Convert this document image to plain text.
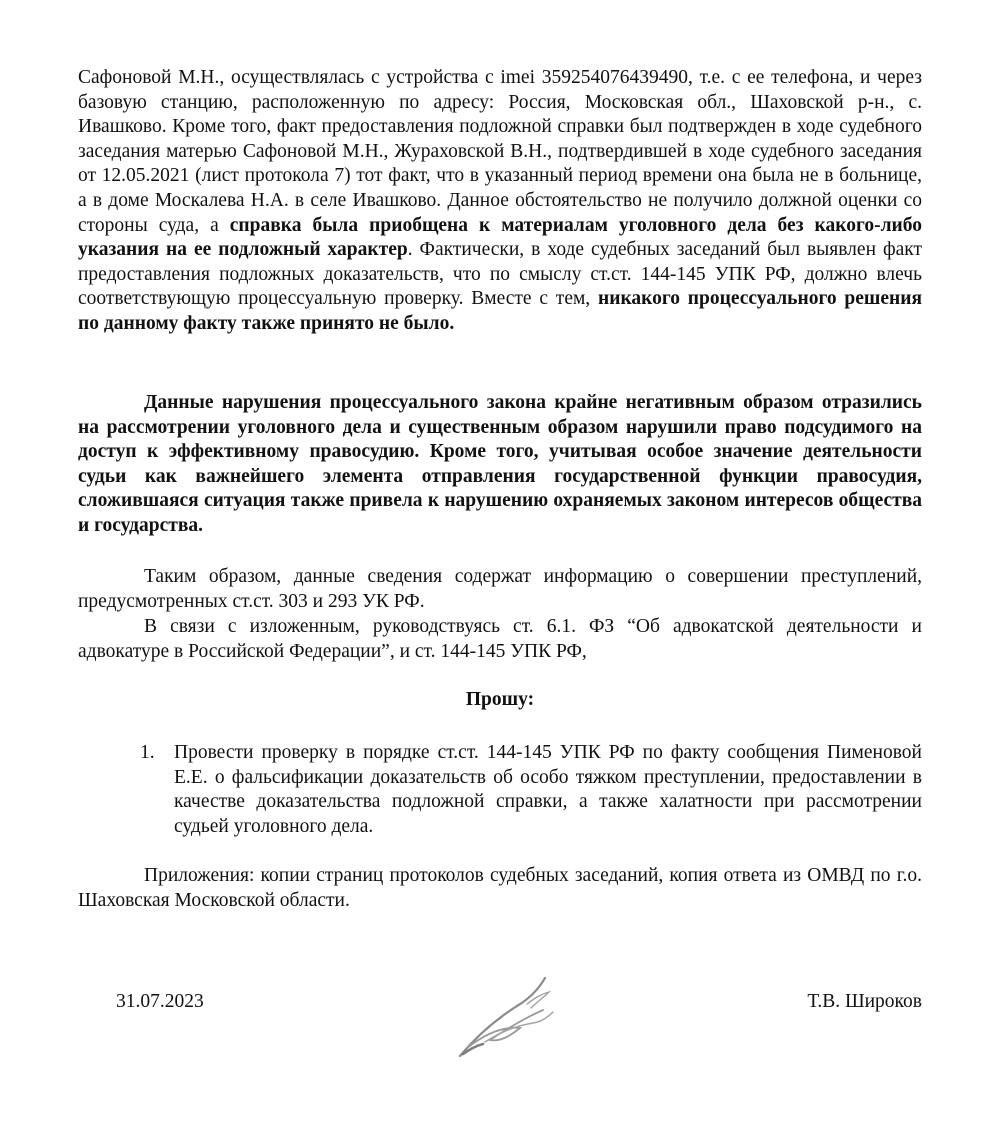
Сафоновой М.Н., осуществлялась с устройства с imei 359254076439490, т.е. с ее телефона, и через базовую станцию, расположенную по адресу: Россия, Московская обл., Шаховской р-н., с. Ивашково. Кроме того, факт предоставления подложной справки был подтвержден в ходе судебного заседания матерью Сафоновой М.Н., Жураховской В.Н., подтвердившей в ходе судебного заседания от 12.05.2021 (лист протокола 7) тот факт, что в указанный период времени она была не в больнице, а в доме Москалева Н.А. в селе Ивашково. Данное обстоятельство не получило должной оценки со стороны суда, а справка была приобщена к материалам уголовного дела без какого-либо указания на ее подложный характер. Фактически, в ходе судебных заседаний был выявлен факт предоставления подложных доказательств, что по смыслу ст.ст. 144-145 УПК РФ, должно влечь соответствующую процессуальную проверку. Вместе с тем, никакого процессуального решения по данному факту также принято не было.

Данные нарушения процессуального закона крайне негативным образом отразились на рассмотрении уголовного дела и существенным образом нарушили право подсудимого на доступ к эффективному правосудию. Кроме того, учитывая особое значение деятельности судьи как важнейшего элемента отправления государственной функции правосудия, сложившаяся ситуация также привела к нарушению охраняемых законом интересов общества и государства.

Таким образом, данные сведения содержат информацию о совершении преступлений, предусмотренных ст.ст. 303 и 293 УК РФ.

В связи с изложенным, руководствуясь ст. 6.1. ФЗ “Об адвокатской деятельности и адвокатуре в Российской Федерации”, и ст. 144-145 УПК РФ,

Прошу:

1. Провести проверку в порядке ст.ст. 144-145 УПК РФ по факту сообщения Пименовой Е.Е. о фальсификации доказательств об особо тяжком преступлении, предоставлении в качестве доказательства подложной справки, а также халатности при рассмотрении судьей уголовного дела.

Приложения: копии страниц протоколов судебных заседаний, копия ответа из ОМВД по г.о. Шаховская Московской области.

31.07.2023	Т.В. Широков
